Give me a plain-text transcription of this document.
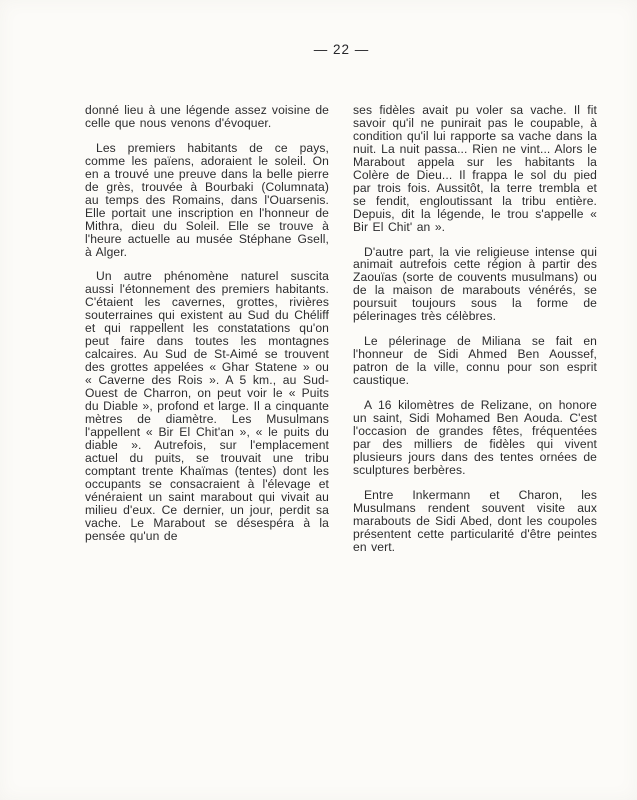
— 22 —

donné lieu à une légende assez voisine de celle que nous venons d'évoquer.

Les premiers habitants de ce pays, comme les païens, adoraient le soleil. On en a trouvé une preuve dans la belle pierre de grès, trouvée à Bourbaki (Columnata) au temps des Romains, dans l'Ouarsenis. Elle portait une inscription en l'honneur de Mithra, dieu du Soleil. Elle se trouve à l'heure actuelle au musée Stéphane Gsell, à Alger.

Un autre phénomène naturel suscita aussi l'étonnement des premiers habitants. C'étaient les cavernes, grottes, rivières souterraines qui existent au Sud du Chéliff et qui rappellent les constatations qu'on peut faire dans toutes les montagnes calcaires. Au Sud de St-Aimé se trouvent des grottes appelées « Ghar Statene » ou « Caverne des Rois ». A 5 km., au Sud-Ouest de Charron, on peut voir le « Puits du Diable », profond et large. Il a cinquante mètres de diamètre. Les Musulmans l'appellent « Bir El Chit'an », « le puits du diable ». Autrefois, sur l'emplacement actuel du puits, se trouvait une tribu comptant trente Khaïmas (tentes) dont les occupants se consacraient à l'élevage et vénéraient un saint marabout qui vivait au milieu d'eux. Ce dernier, un jour, perdit sa vache. Le Marabout se désespéra à la pensée qu'un de

ses fidèles avait pu voler sa vache. Il fit savoir qu'il ne punirait pas le coupable, à condition qu'il lui rapporte sa vache dans la nuit. La nuit passa... Rien ne vint... Alors le Marabout appela sur les habitants la Colère de Dieu... Il frappa le sol du pied par trois fois. Aussitôt, la terre trembla et se fendit, engloutissant la tribu entière. Depuis, dit la légende, le trou s'appelle « Bir El Chit' an ».

D'autre part, la vie religieuse intense qui animait autrefois cette région à partir des Zaouïas (sorte de couvents musulmans) ou de la maison de marabouts vénérés, se poursuit toujours sous la forme de pélerinages très célèbres.

Le pélerinage de Miliana se fait en l'honneur de Sidi Ahmed Ben Aoussef, patron de la ville, connu pour son esprit caustique.

A 16 kilomètres de Relizane, on honore un saint, Sidi Mohamed Ben Aouda. C'est l'occasion de grandes fêtes, fréquentées par des milliers de fidèles qui vivent plusieurs jours dans des tentes ornées de sculptures berbères.

Entre Inkermann et Charon, les Musulmans rendent souvent visite aux marabouts de Sidi Abed, dont les coupoles présentent cette particularité d'être peintes en vert.
